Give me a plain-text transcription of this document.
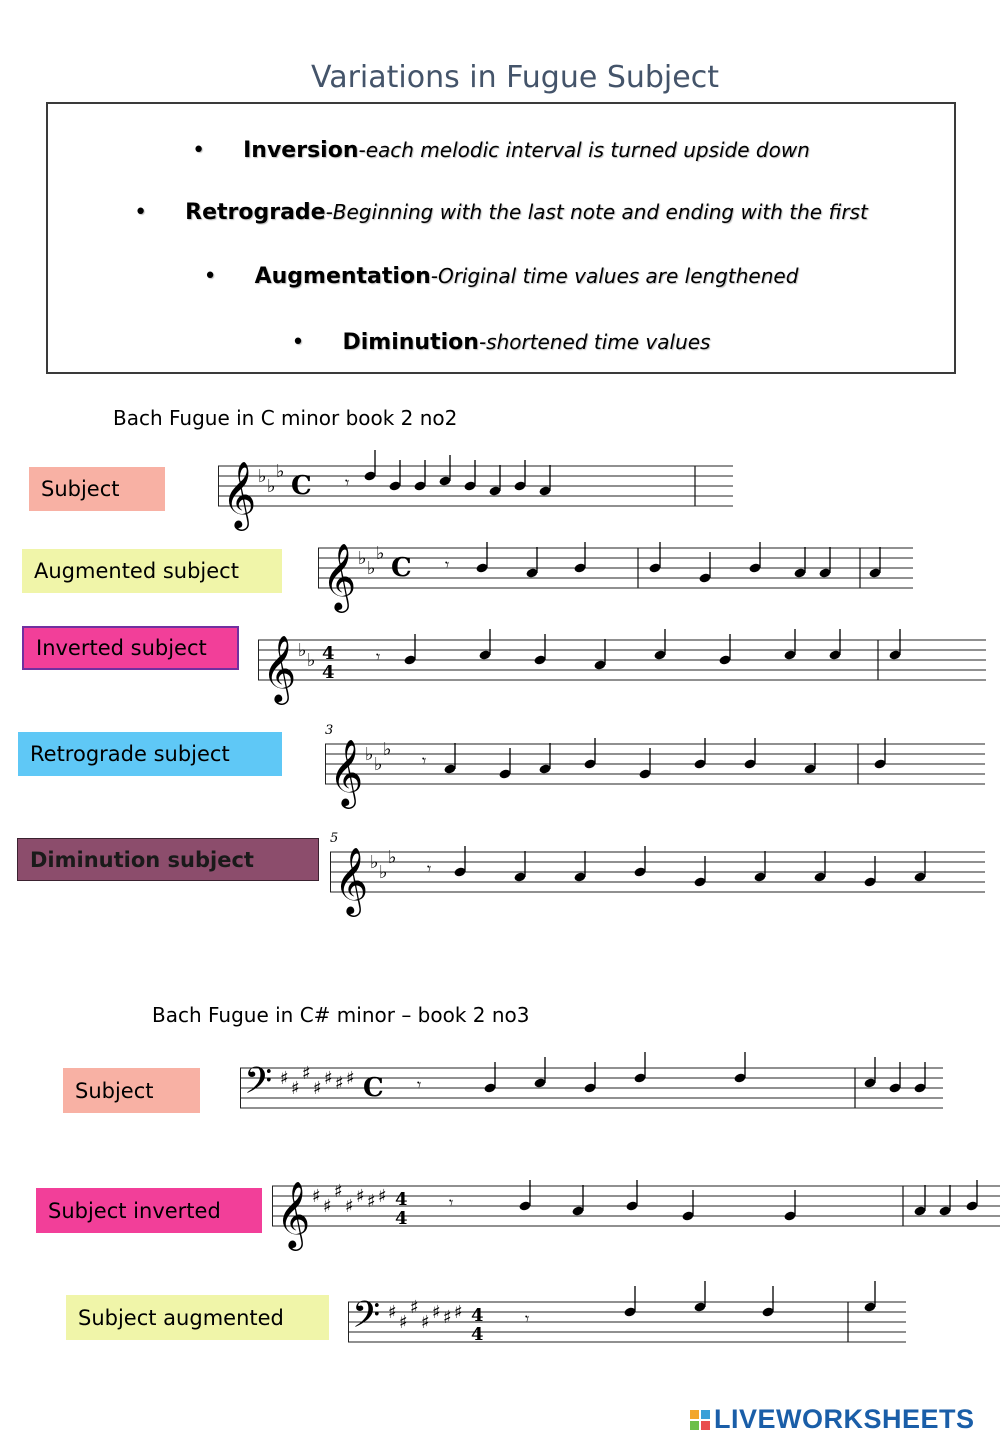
Variations in Fugue Subject
• Inversion-each melodic interval is turned upside down
• Retrograde-Beginning with the last note and ending with the first
• Augmentation-Original time values are lengthened
• Diminution-shortened time values
Bach Fugue in C minor book 2 no2
Subject
Augmented subject
Inverted subject
Retrograde subject
Diminution subject
Bach Fugue in C# minor – book 2 no3
Subject
Subject inverted
Subject augmented
𝄞 ♭ ♭
♭ C 𝄾
𝄞 ♭ ♭
♭ C 𝄾
𝄞 ♭ ♭ 4
4
𝄾
𝄞 ♭ ♭
♭
3
𝄾
𝄞 ♭ ♭
♭
5
𝄾
𝄢 ♯ ♯
♯
♯ ♯ ♯ ♯ C 𝄾
𝄞 ♯ ♯
♯
♯ ♯ ♯ ♯ 4
4
𝄾
𝄢 ♯ ♯
♯
♯ ♯ ♯ ♯ 4
4
𝄾
LIVEWORKSHEETS
